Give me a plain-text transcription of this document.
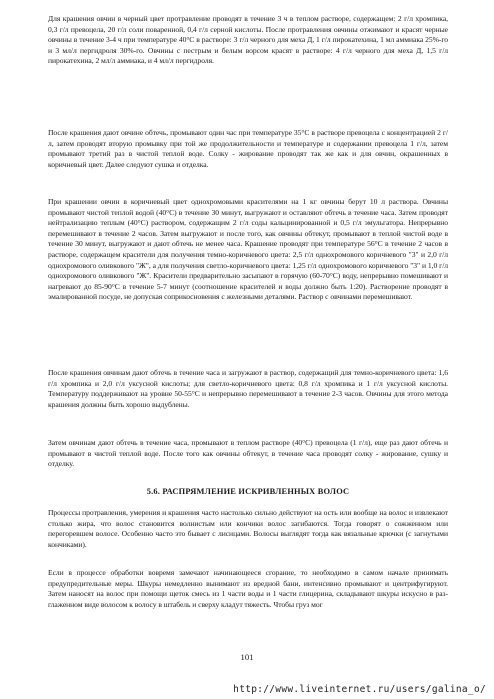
Для крашения овчин в черный цвет протравление проводят в течение 3 ч в теплом растворе, содержащем: 2 г/л хромпика, 0,3 г/л превоцела, 20 г/л соли поваренной, 0,4 г/л серной кислоты. После протравления овчины отжимают и красят черные овчины в течение 3-4 ч при температуре 40°С в растворе: 3 г/л черного для меха Д, 1 г/л пирокатехина, 1 мл аммиака 25%-го и 3 мл/л пергидроля 30%-го. Овчины с пестрым и белым ворсом красят в растворе: 4 г/л черного для меха Д, 1,5 г/л пирокатехина, 2 мл/л аммиака, и 4 мл/л пергидроля.
После крашения дают овчине обтечь, промывают один час при температуре 35°С в растворе превоцела с концентрацией 2 г/л, затем проводят вторую промывку при той же продолжительности и температуре и содержании превоцела 1 г/л, затем промывают третий раз в чистой теплой воде. Солку - жирование проводят так же как и для овчин, окрашенных в коричневый цвет. Далее следуют сушка и отделка.
При крашении овчин в коричневый цвет однохромовыми красителями на 1 кг овчины берут 10 л раствора. Овчины промывают чистой теплой водой (40°С) в течение 30 минут, выгружают и оставляют обтечь в течение часа. Затем проводят нейтрализацию теплым (40°С) раствором, содержащим 2 г/л соды кальцинированной и 0,5 г/л эмульгатора. Непрерывно перемешивают в течение 2 часов. Затем выгружают и после того, как овчины обтекут, промывают в теплой чистой воде в течение 30 минут, выгружают и дают обтечь не менее часа. Крашение проводят при температуре 56°С в течение 2 часов в растворе, содержащем красители для получения темно-коричневого цвета: 2,5 г/л однохромового коричневого "3" и 2,0 г/л однохромового оливкового "Ж", а для получения светло-коричневого цвета: 1,25 г/л однохромового коричневого "3" и 1,0 г/л однохромового оливкового "Ж". Красители предварительно засыпают в горячую (60-70°С) воду, непрерывно помешивают и нагревают до 85-90°С в течение 5-7 минут (соотношение красителей и воды должно быть 1:20). Растворение проводят в эмалированной посуде, не допуская соприкосновения с железными деталями. Раствор с овчинами перемешивают.
После крашения овчинам дают обтечь в течение часа и загружают в раствор, содержащий для темно-коричневого цвета: 1,6 г/л хромпика и 2,0 г/л уксусной кислоты; для светло-коричневого цвета: 0,8 г/л хромпика и 1 г/л уксусной кислоты. Температуру поддерживают на уровне 50-55°С и непрерывно перемешивают в течение 2-3 часов. Овчины для этого метода крашения должны быть хорошо выдублены.
Затем овчинам дают обтечь в течение часа, промывают в теплом растворе (40°С) превоцела (1 г/л), еще раз дают обтечь и промывают в чистой теплой воде. После того как овчины обтекут, в течение часа проводят солку - жирование, сушку и отделку.
5.6. РАСПРЯМЛЕНИЕ ИСКРИВЛЕННЫХ ВОЛОС
Процессы протравления, умерения и крашения часто настолько сильно действуют на ость или вообще на волос и извлекают столько жира, что волос становится волнистым или кончики волос загибаются. Тогда говорят о сожженном или перегоревшем волосе. Особенно часто это бывает с лисицами. Волосы выглядят тогда как вязальные крючки (с загнутыми кончиками).
Если в процессе обработки вовремя замечают начинающееся сгорание, то необходимо в самом начале принимать предупредительные меры. Шкуры немедленно вынимают из вредной бани, интенсивно промывают и центрифугируют. Затем наносят на волос при помощи щеток смесь из 1 части воды и 1 части глицерина, складывают шкуры искусно в раз-глаженном виде волосом к волосу в штабель и сверху кладут тяжесть. Чтобы груз мог
101
http://www.liveinternet.ru/users/galina_o/
